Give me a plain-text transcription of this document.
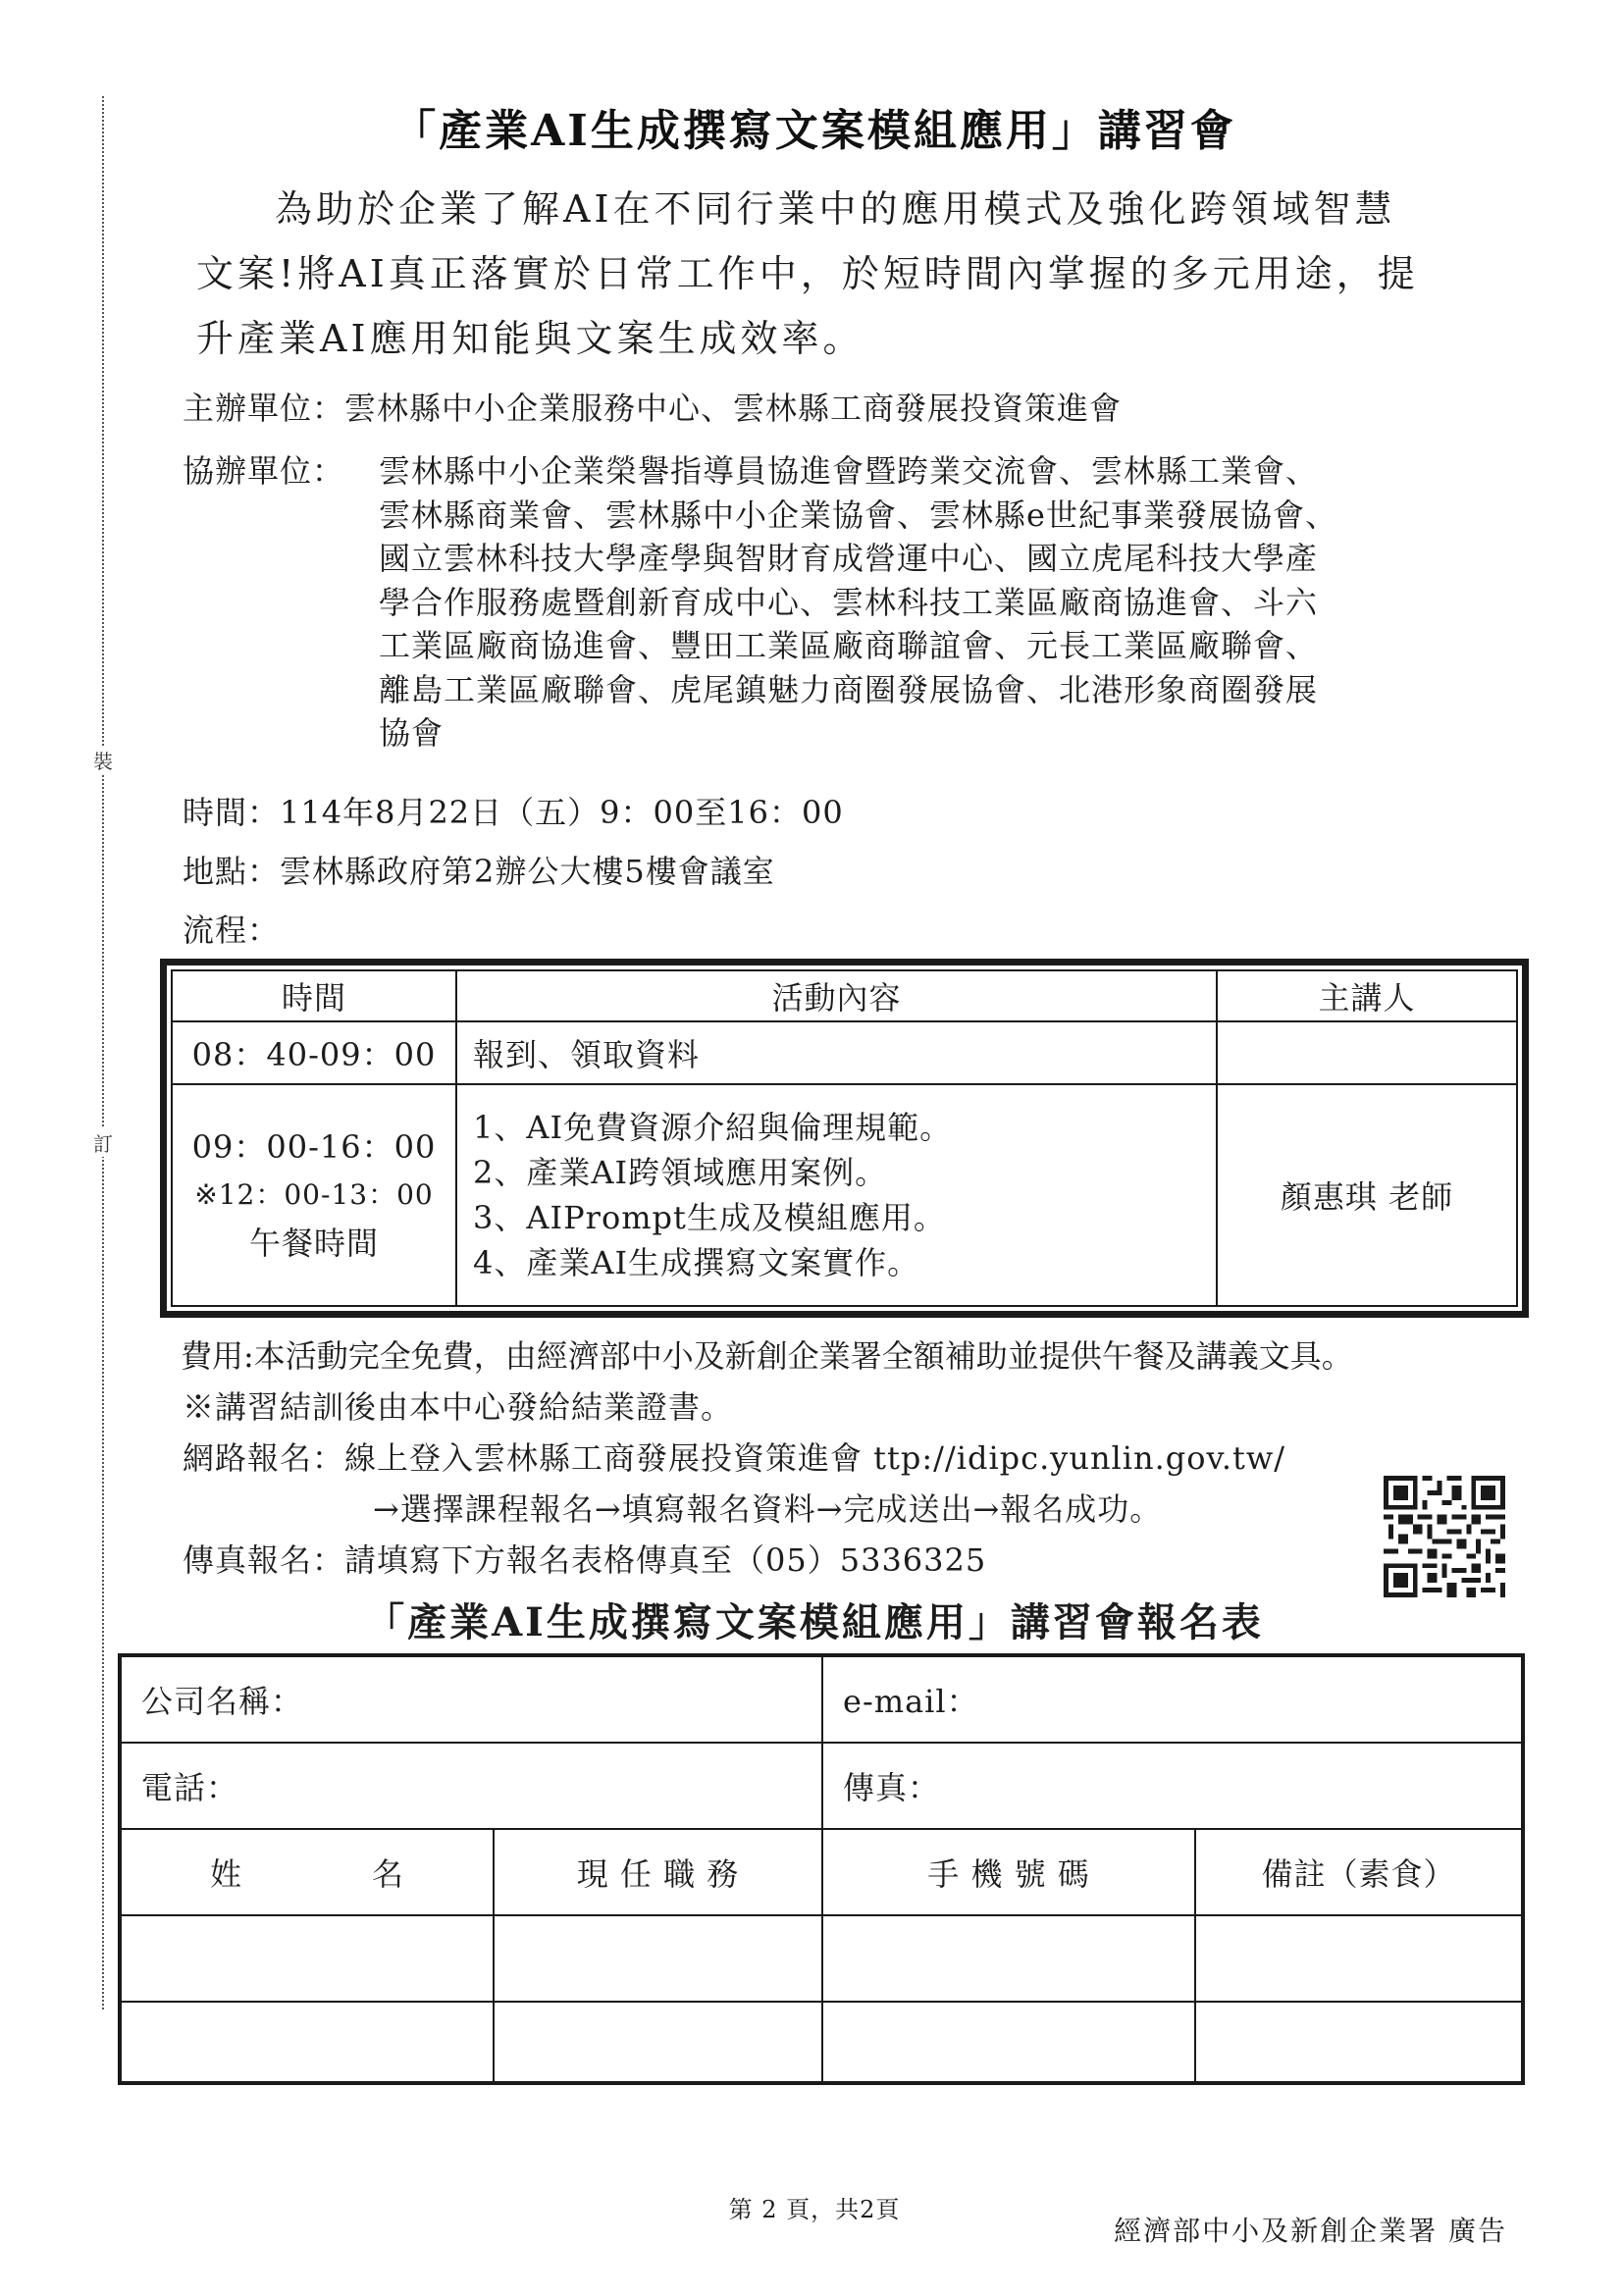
裝
訂
「產業AI生成撰寫文案模組應用」講習會

為助於企業了解AI在不同行業中的應用模式及強化跨領域智慧

文案!將AI真正落實於日常工作中，於短時間內掌握的多元用途，提

升產業AI應用知能與文案生成效率。

主辦單位：雲林縣中小企業服務中心、雲林縣工商發展投資策進會
協辦單位：	雲林縣中小企業榮譽指導員協進會暨跨業交流會、雲林縣工業會、
雲林縣商業會、雲林縣中小企業協會、雲林縣e世紀事業發展協會、
國立雲林科技大學產學與智財育成營運中心、國立虎尾科技大學產
學合作服務處暨創新育成中心、雲林科技工業區廠商協進會、斗六
工業區廠商協進會、豐田工業區廠商聯誼會、元長工業區廠聯會、
離島工業區廠聯會、虎尾鎮魅力商圈發展協會、北港形象商圈發展
協會
時間：114年8月22日（五）9：00至16：00
地點：雲林縣政府第2辦公大樓5樓會議室
流程：
時間	活動內容	主講人
08：40-09：00	報到、領取資料	

09：00-16：00
※12：00-13：00
午餐時間	1、AI免費資源介紹與倫理規範。
2、產業AI跨領域應用案例。
3、AIPrompt生成及模組應用。
4、產業AI生成撰寫文案實作。	顏惠琪 老師
費用:本活動完全免費，由經濟部中小及新創企業署全額補助並提供午餐及講義文具。
※講習結訓後由本中心發給結業證書。
網路報名：線上登入雲林縣工商發展投資策進會 ttp://idipc.yunlin.gov.tw/
→選擇課程報名→填寫報名資料→完成送出→報名成功。
傳真報名：請填寫下方報名表格傳真至（05）5336325
「產業AI生成撰寫文案模組應用」講習會報名表
公司名稱：	e-mail：
電話：	傳真：
姓　　　　名	現 任 職 務	手 機 號 碼	備註（素食）
第 2 頁，共2頁
經濟部中小及新創企業署 廣告
